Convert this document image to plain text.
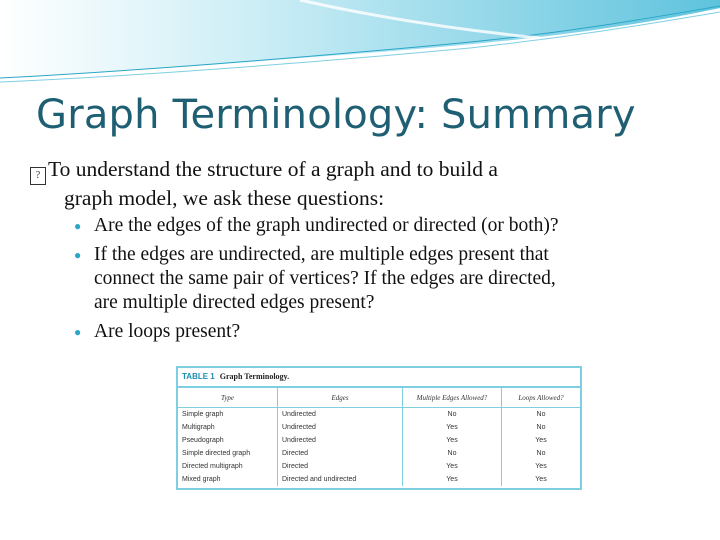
Graph Terminology: Summary
? To understand the structure of a graph and to build a
graph model, we ask these questions:
● Are the edges of the graph undirected or directed (or both)?
● If the edges are undirected, are multiple edges present that
connect the same pair of vertices? If the edges are directed,
are multiple directed edges present?
● Are loops present?
TABLE 1 Graph Terminology.
Type	Edges	Multiple Edges Allowed?	Loops Allowed?
Simple graph	Undirected	No	No
Multigraph	Undirected	Yes	No
Pseudograph	Undirected	Yes	Yes
Simple directed graph	Directed	No	No
Directed multigraph	Directed	Yes	Yes
Mixed graph	Directed and undirected	Yes	Yes
